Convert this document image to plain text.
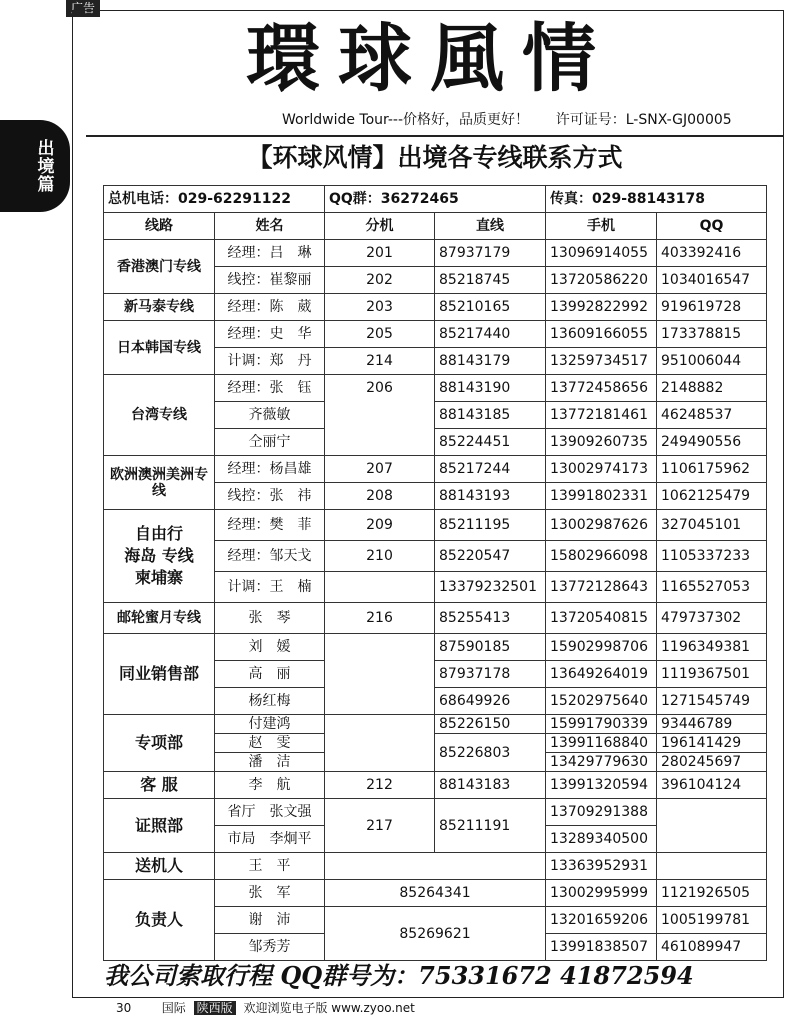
广告
出
境
篇
環球風情
Worldwide Tour---价格好，品质更好！ 许可证号：L-SNX-GJ00005
【环球风情】出境各专线联系方式
总机电话：029-62291122		QQ群：36272465		传真：029-88143178	
线路	姓名	分机	直线	手机	QQ
香港澳门专线	经理：吕　琳	201	87937179	13096914055	403392416
	线控：崔黎丽	202	85218745	13720586220	1034016547
新马泰专线	经理：陈　葳	203	85210165	13992822992	919619728
日本韩国专线	经理：史　华	205	85217440	13609166055	173378815
	计调：郑　丹	214	88143179	13259734517	951006044
台湾专线	经理：张　钰	206	88143190	13772458656	2148882
	齐薇敏		88143185	13772181461	46248537
	仝丽宁		85224451	13909260735	249490556
欧洲澳洲美洲专线	经理：杨昌雄	207	85217244	13002974173	1106175962
	线控：张　祎	208	88143193	13991802331	1062125479

自由行
海岛 专线
柬埔寨	经理：樊　菲	209	85211195	13002987626	327045101
	经理：邹天戈	210	85220547	15802966098	1105337233
	计调：王　楠		13379232501	13772128643	1165527053
邮轮蜜月专线	张　琴	216	85255413	13720540815	479737302
同业销售部	刘　媛		87590185	15902998706	1196349381
	高　丽		87937178	13649264019	1119367501
	杨红梅		68649926	15202975640	1271545749
专项部	付建鸿		85226150	15991790339	93446789
	赵　雯		85226803	13991168840	196141429
	潘　洁			13429779630	280245697
客 服	李　航	212	88143183	13991320594	396104124
证照部	省厅　张文强	217	85211191	13709291388	
	市局　李炯平			13289340500	
送机人	王　平			13363952931	
负责人	张　军	85264341		13002995999	1121926505
	谢　沛	85269621		13201659206	1005199781
	邹秀芳			13991838507	461089947
我公司索取行程 QQ群号为：75331672 41872594
30	国际 陕西版 欢迎浏览电子版 www.zyoo.net
